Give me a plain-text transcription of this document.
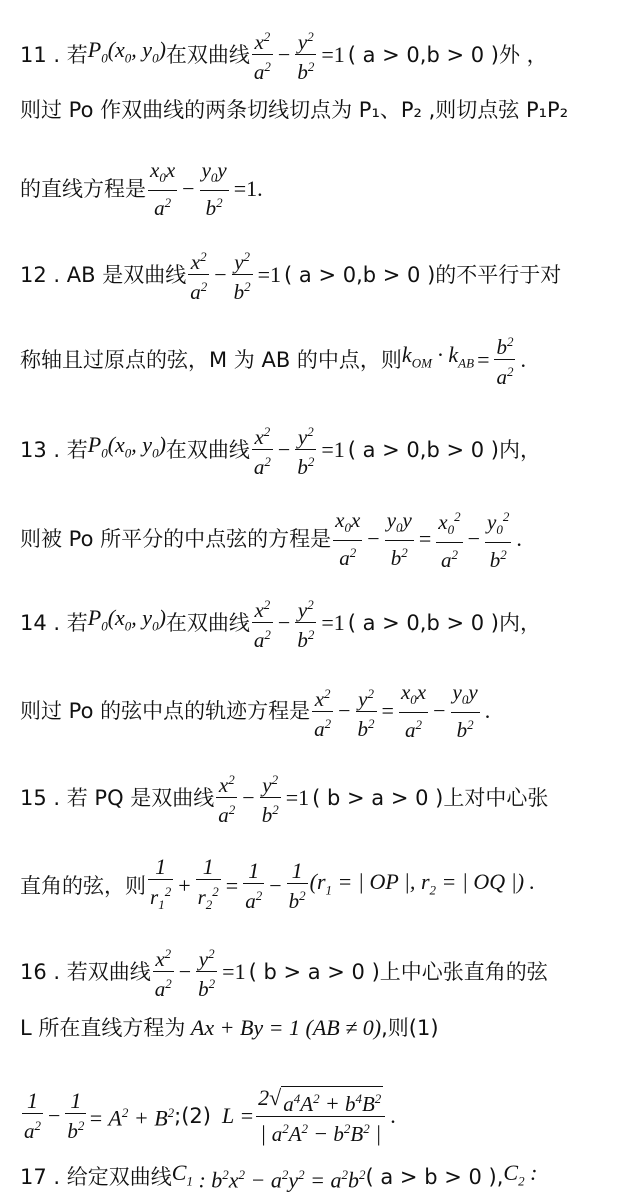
11 . 若 $P_0(x_0$, $y_0$) 在双曲线 $\frac{x^2}{a^2} - \frac{y^2}{b^2} =1$ ( a > 0,b > 0 )外 ，
则过 Po 作双曲线的两条切线切点为 P₁、P₂ ,则切点弦 P₁P₂
的直线方程是 $\frac{x_0x}{a^2} - \frac{y_0y}{b^2} =1$.
12 . AB 是双曲线 $\frac{x^2}{a^2} - \frac{y^2}{b^2} =1$ ( a > 0,b > 0 )的不平行于对
称轴且过原点的弦，M 为 AB 的中点，则 $k_{OM} \cdot k_{AB} = \frac{b^2}{a^2}$ .
13 . 若 $P_0(x_0$, $y_0$) 在双曲线 $\frac{x^2}{a^2} - \frac{y^2}{b^2} =1$ ( a > 0,b > 0 )内，
则被 Po 所平分的中点弦的方程是 $\frac{x_0x}{a^2} - \frac{y_0y}{b^2} = \frac{x_0^2}{a^2} - \frac{y_0^2}{b^2}$ .
14 . 若 $P_0(x_0$, $y_0$) 在双曲线 $\frac{x^2}{a^2} - \frac{y^2}{b^2} =1$ ( a > 0,b > 0 )内，
则过 Po 的弦中点的轨迹方程是 $\frac{x^2}{a^2} - \frac{y^2}{b^2} = \frac{x_0x}{a^2} - \frac{y_0y}{b^2}$ .
15 . 若 PQ 是双曲线 $\frac{x^2}{a^2} - \frac{y^2}{b^2} =1$ ( b > a > 0 )上对中心张
直角的弦，则 $\frac{1}{r_1^2} + \frac{1}{r_2^2} = \frac{1}{a^2} - \frac{1}{b^2} (r_1$ = | OP |, $r_2$ = | OQ |) .
16 . 若双曲线 $\frac{x^2}{a^2} - \frac{y^2}{b^2} =1$ ( b > a > 0 )上中心张直角的弦
L 所在直线方程为 Ax + By = 1 (AB ≠ 0) ,则(1)
$\frac{1}{a^2} - \frac{1}{b^2} = A^2 + B^2$ ;(2) $L = \frac{2 √ a^4A^2 + b^4B^2}{| a^2A^2 - b^2B^2 |}$ .
17 . 给定双曲线 $C_1$ : $b^2x^2 - a^2y^2 = a^2b^2$ ( a > b > 0 ), $C_2$ :
